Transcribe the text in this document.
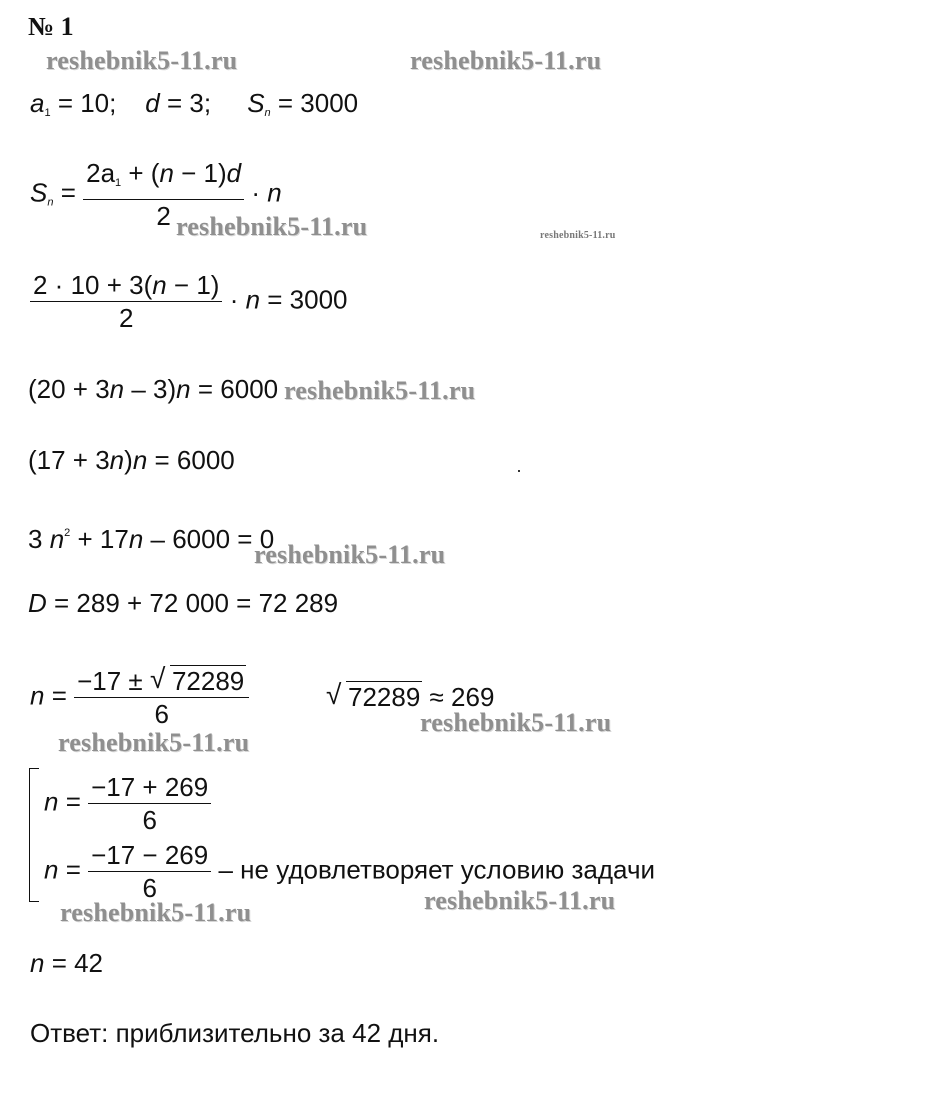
№ 1
reshebnik5-11.ru	reshebnik5-11.ru
reshebnik5-11.ru	reshebnik5-11.ru
reshebnik5-11.ru
reshebnik5-11.ru
reshebnik5-11.ru
reshebnik5-11.ru
reshebnik5-11.ru
reshebnik5-11.ru
$a_1 = 10$; d = 3; $S_n = 3000$
$S_n = \frac{2a_1 + (n - 1)d}{2} \cdot n$
$\frac{2 \cdot 10 + 3(n - 1)}{2} \cdot n = 3000$
(20 + 3n – 3)n = 6000
(17 + 3n)n = 6000
3 $n^2 + 17n - 6000 = 0$
D = 289 + 72 000 = 72 289
$n = \frac{-17 \pm √ 72289}{6}$	√ 72289 ≈ 269
$n = \frac{-17 + 269}{6}$
$n = \frac{-17 - 269}{6}$ – не удовлетворяет условию задачи
n = 42
Ответ: приблизительно за 42 дня.
